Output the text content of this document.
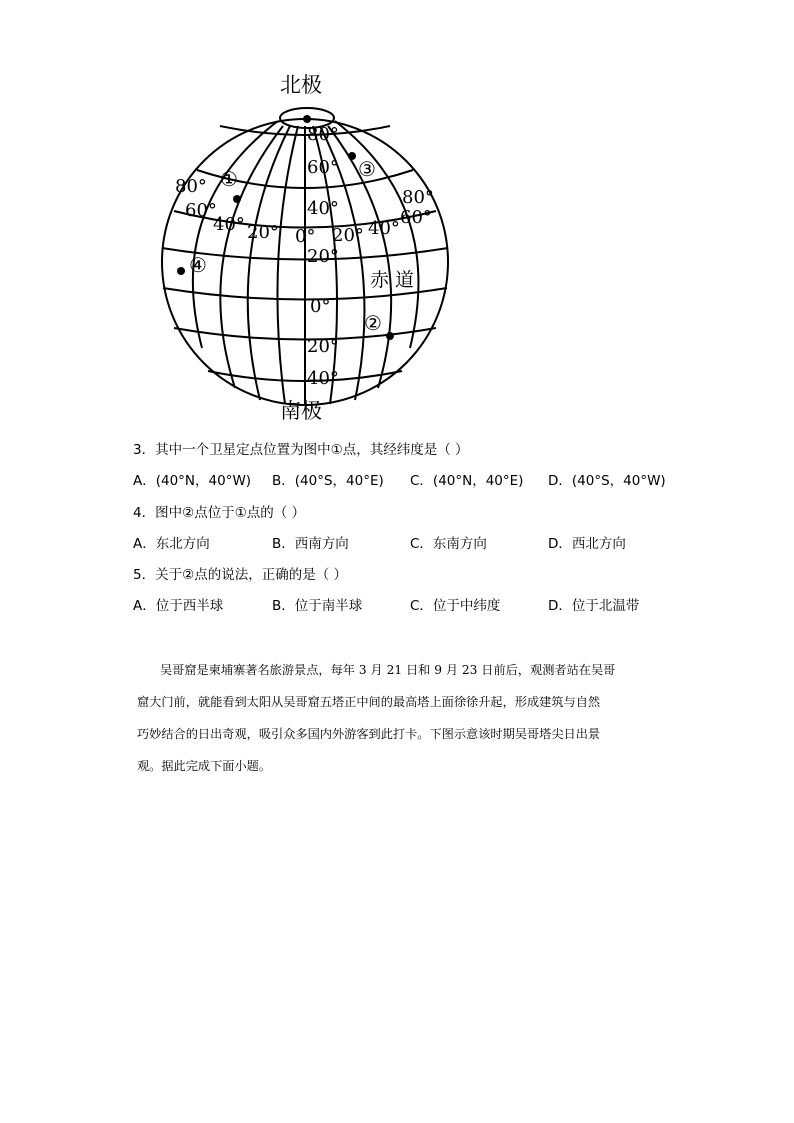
北极
南极
赤 道
80°
60°
40°
20°
0°
20°
40°
80°
60°
40° 20° 0° 20° 40°
60°
80°
①
②
③
④
3．其中一个卫星定点位置为图中①点，其经纬度是（ ）
A．(40°N，40°W) B．(40°S，40°E) C．(40°N，40°E) D．(40°S，40°W)
4．图中②点位于①点的（ ）
A．东北方向	B．西南方向	C．东南方向	D．西北方向
5．关于②点的说法，正确的是（ ）
A．位于西半球	B．位于南半球	C．位于中纬度	D．位于北温带
吴哥窟是柬埔寨著名旅游景点，每年 3 月 21 日和 9 月 23 日前后，观测者站在吴哥
窟大门前，就能看到太阳从吴哥窟五塔正中间的最高塔上面徐徐升起，形成建筑与自然
巧妙结合的日出奇观，吸引众多国内外游客到此打卡。下图示意该时期吴哥塔尖日出景
观。据此完成下面小题。
